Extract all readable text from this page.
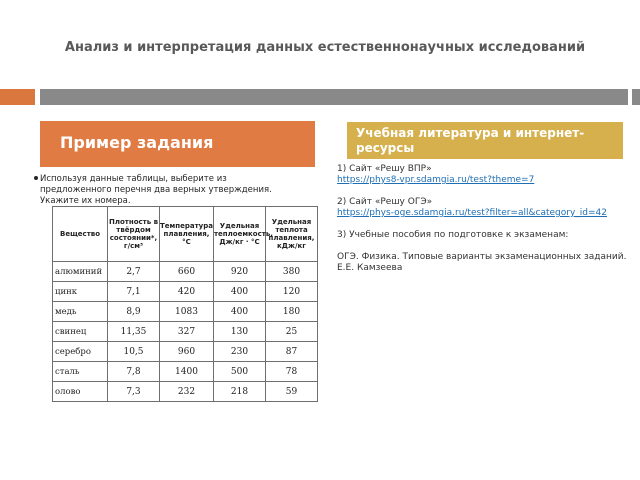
Анализ и интерпретация данных естественнонаучных исследований
Пример задания	Учебная литература и интернет-ресурсы
Используя данные таблицы, выберите из предложенного перечня два верных утверждения. Укажите их номера.
Вещество	Плотность в твёрдом состоянии*, г/см³	Температура плавления, °С	Удельная теплоемкость, Дж/кг · °С	Удельная теплота плавления, кДж/кг
алюминий	2,7	660	920	380
цинк	7,1	420	400	120
медь	8,9	1083	400	180
свинец	11,35	327	130	25
серебро	10,5	960	230	87
сталь	7,8	1400	500	78
олово	7,3	232	218	59
1) Сайт «Решу ВПР»
https://phys8-vpr.sdamgia.ru/test?theme=7
2) Сайт «Решу ОГЭ»
https://phys-oge.sdamgia.ru/test?filter=all&category_id=42
3) Учебные пособия по подготовке к экзаменам:
ОГЭ. Физика. Типовые варианты экзаменационных заданий. Е.Е. Камзеева
